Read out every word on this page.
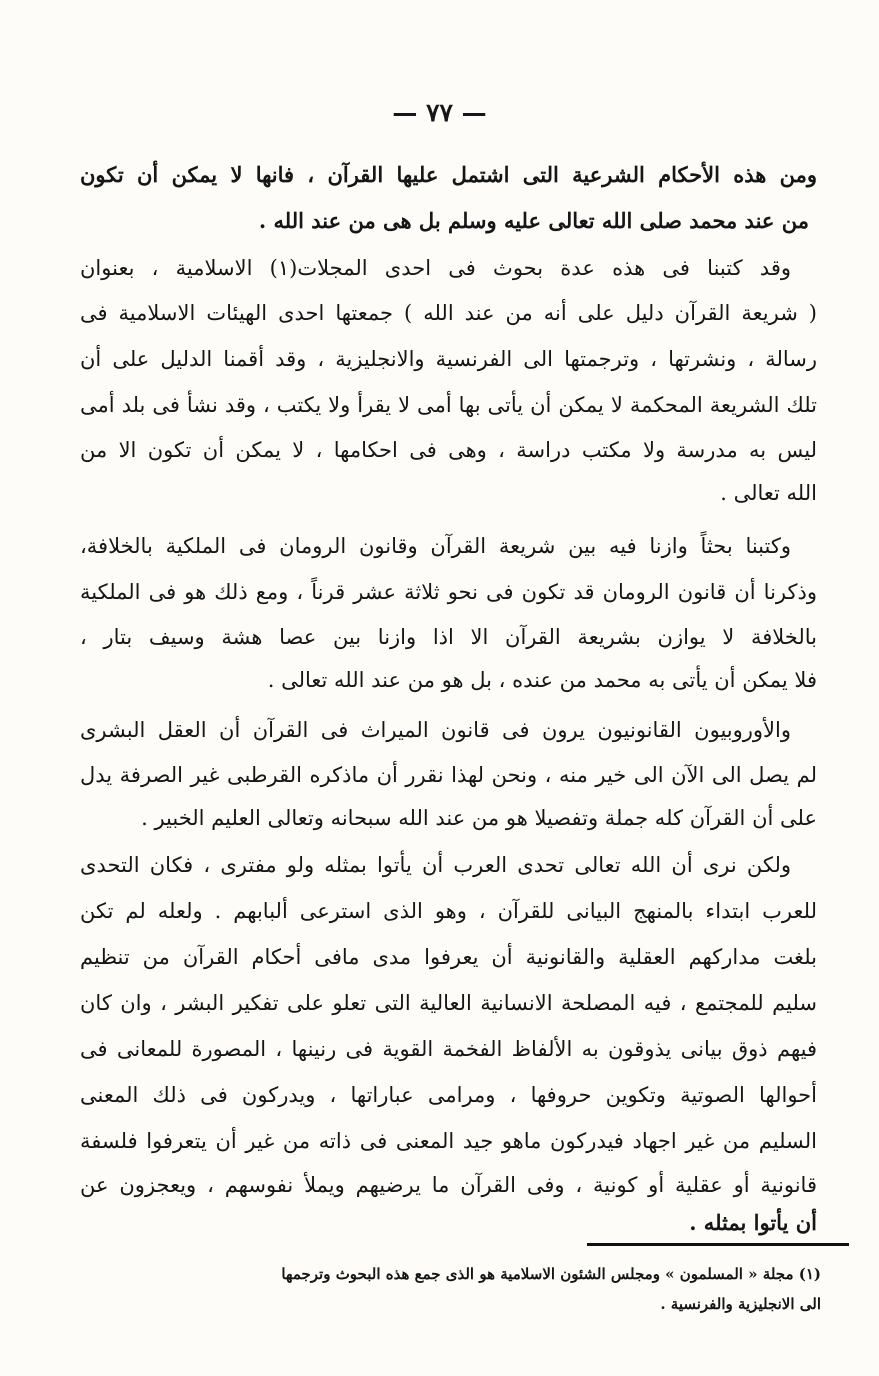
— ٧٧ —
ومن هذه الأحكام الشرعية التى اشتمل عليها القرآن ، فانها لا يمكن أن تكون
من عند محمد صلى الله تعالى عليه وسلم بل هى من عند الله .
وقد كتبنا فى هذه عدة بحوث فى احدى المجلات(١) الاسلامية ، بعنوان
( شريعة القرآن دليل على أنه من عند الله ) جمعتها احدى الهيئات الاسلامية فى
رسالة ، ونشرتها ، وترجمتها الى الفرنسية والانجليزية ، وقد أقمنا الدليل على أن
تلك الشريعة المحكمة لا يمكن أن يأتى بها أمى لا يقرأ ولا يكتب ، وقد نشأ فى بلد أمى
ليس به مدرسة ولا مكتب دراسة ، وهى فى احكامها ، لا يمكن أن تكون الا من
الله تعالى .
وكتبنا بحثاً وازنا فيه بين شريعة القرآن وقانون الرومان فى الملكية بالخلافة،
وذكرنا أن قانون الرومان قد تكون فى نحو ثلاثة عشر قرناً ، ومع ذلك هو فى الملكية
بالخلافة لا يوازن بشريعة القرآن الا اذا وازنا بين عصا هشة وسيف بتار ،
فلا يمكن أن يأتى به محمد من عنده ، بل هو من عند الله تعالى .
والأوروبيون القانونيون يرون فى قانون الميراث فى القرآن أن العقل البشرى
لم يصل الى الآن الى خير منه ، ونحن لهذا نقرر أن ماذكره القرطبى غير الصرفة يدل
على أن القرآن كله جملة وتفصيلا هو من عند الله سبحانه وتعالى العليم الخبير .
ولكن نرى أن الله تعالى تحدى العرب أن يأتوا بمثله ولو مفترى ، فكان التحدى
للعرب ابتداء بالمنهج البيانى للقرآن ، وهو الذى استرعى ألبابهم . ولعله لم تكن
بلغت مداركهم العقلية والقانونية أن يعرفوا مدى مافى أحكام القرآن من تنظيم
سليم للمجتمع ، فيه المصلحة الانسانية العالية التى تعلو على تفكير البشر ، وان كان
فيهم ذوق بيانى يذوقون به الألفاظ الفخمة القوية فى رنينها ، المصورة للمعانى فى
أحوالها الصوتية وتكوين حروفها ، ومرامى عباراتها ، ويدركون فى ذلك المعنى
السليم من غير اجهاد فيدركون ماهو جيد المعنى فى ذاته من غير أن يتعرفوا فلسفة
قانونية أو عقلية أو كونية ، وفى القرآن ما يرضيهم ويملأ نفوسهم ، ويعجزون عن
أن يأتوا بمثله .
(١) مجلة « المسلمون » ومجلس الشئون الاسلامية هو الذى جمع هذه البحوث وترجمها
الى الانجليزية والفرنسية .
